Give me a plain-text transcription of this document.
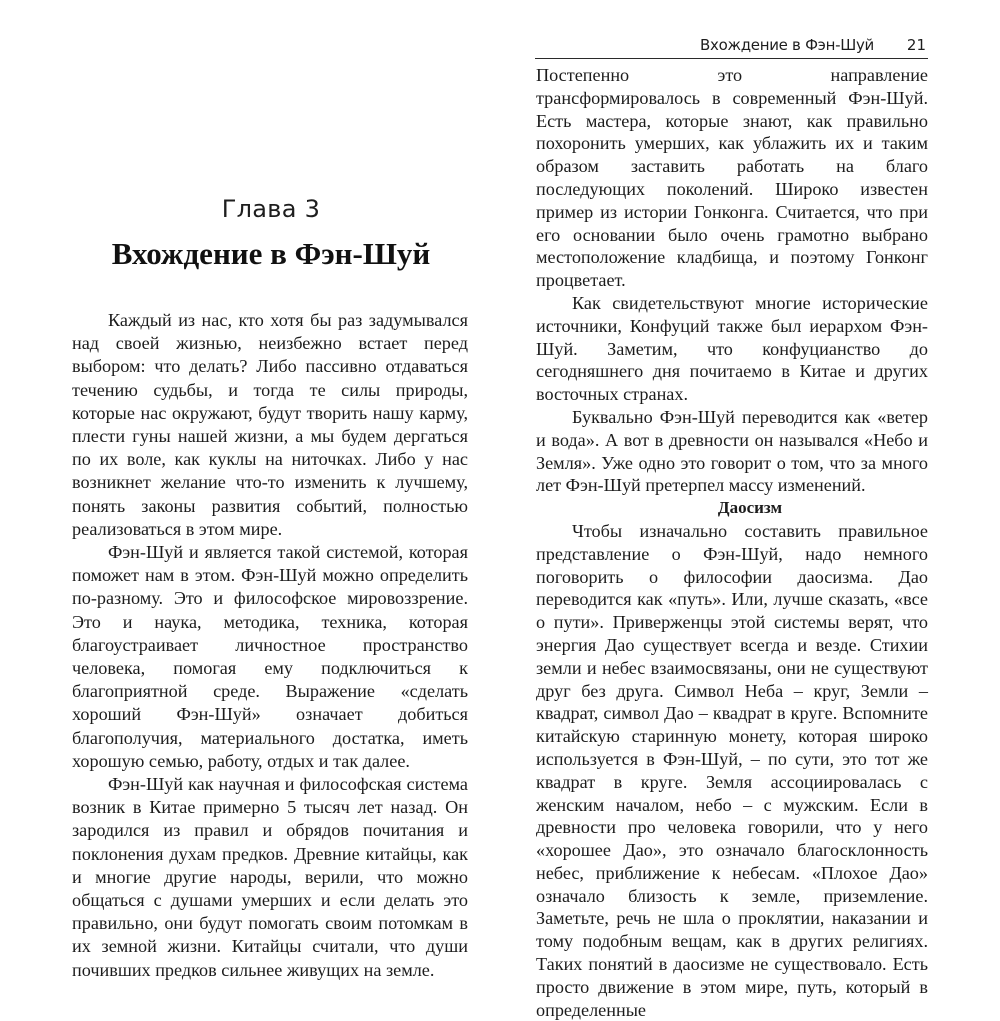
Глава 3
Вхождение в Фэн-Шуй

Каждый из нас, кто хотя бы раз задумывался над своей жизнью, неизбежно встает перед выбором: что делать? Либо пассивно отдаваться течению судьбы, и тогда те силы природы, которые нас окружают, будут творить нашу карму, плести гуны нашей жизни, а мы будем дергаться по их воле, как куклы на ниточках. Либо у нас возникнет желание что-то изменить к лучшему, понять законы развития событий, полностью реализоваться в этом мире.

Фэн-Шуй и является такой системой, которая поможет нам в этом. Фэн-Шуй можно определить по-разному. Это и философское мировоззрение. Это и наука, методика, техника, которая благоустраивает личностное пространство человека, помогая ему подключиться к благоприятной среде. Выражение «сделать хороший Фэн-Шуй» означает добиться благополучия, материального достатка, иметь хорошую семью, работу, отдых и так далее.

Фэн-Шуй как научная и философская система возник в Китае примерно 5 тысяч лет назад. Он зародился из правил и обрядов почитания и поклонения духам предков. Древние китайцы, как и многие другие народы, верили, что можно общаться с душами умерших и если делать это правильно, они будут помогать своим потомкам в их земной жизни. Китайцы считали, что души почивших предков сильнее живущих на земле.

Вхождение в Фэн-Шуй 21

Постепенно это направление трансформировалось в современный Фэн-Шуй. Есть мастера, которые знают, как правильно похоронить умерших, как ублажить их и таким образом заставить работать на благо последующих поколений. Широко известен пример из истории Гонконга. Считается, что при его основании было очень грамотно выбрано местоположение кладбища, и поэтому Гонконг процветает.

Как свидетельствуют многие исторические источники, Конфуций также был иерархом Фэн-Шуй. Заметим, что конфуцианство до сегодняшнего дня почитаемо в Китае и других восточных странах.

Буквально Фэн-Шуй переводится как «ветер и вода». А вот в древности он назывался «Небо и Земля». Уже одно это говорит о том, что за много лет Фэн-Шуй претерпел массу изменений.

Даосизм

Чтобы изначально составить правильное представление о Фэн-Шуй, надо немного поговорить о философии даосизма. Дао переводится как «путь». Или, лучше сказать, «все о пути». Приверженцы этой системы верят, что энергия Дао существует всегда и везде. Стихии земли и небес взаимосвязаны, они не существуют друг без друга. Символ Неба – круг, Земли – квадрат, символ Дао – квадрат в круге. Вспомните китайскую старинную монету, которая широко используется в Фэн-Шуй, – по сути, это тот же квадрат в круге. Земля ассоциировалась с женским началом, небо – с мужским. Если в древности про человека говорили, что у него «хорошее Дао», это означало благосклонность небес, приближение к небесам. «Плохое Дао» означало близость к земле, приземление. Заметьте, речь не шла о проклятии, наказании и тому подобным вещам, как в других религиях. Таких понятий в даосизме не существовало. Есть просто движение в этом мире, путь, который в определенные
